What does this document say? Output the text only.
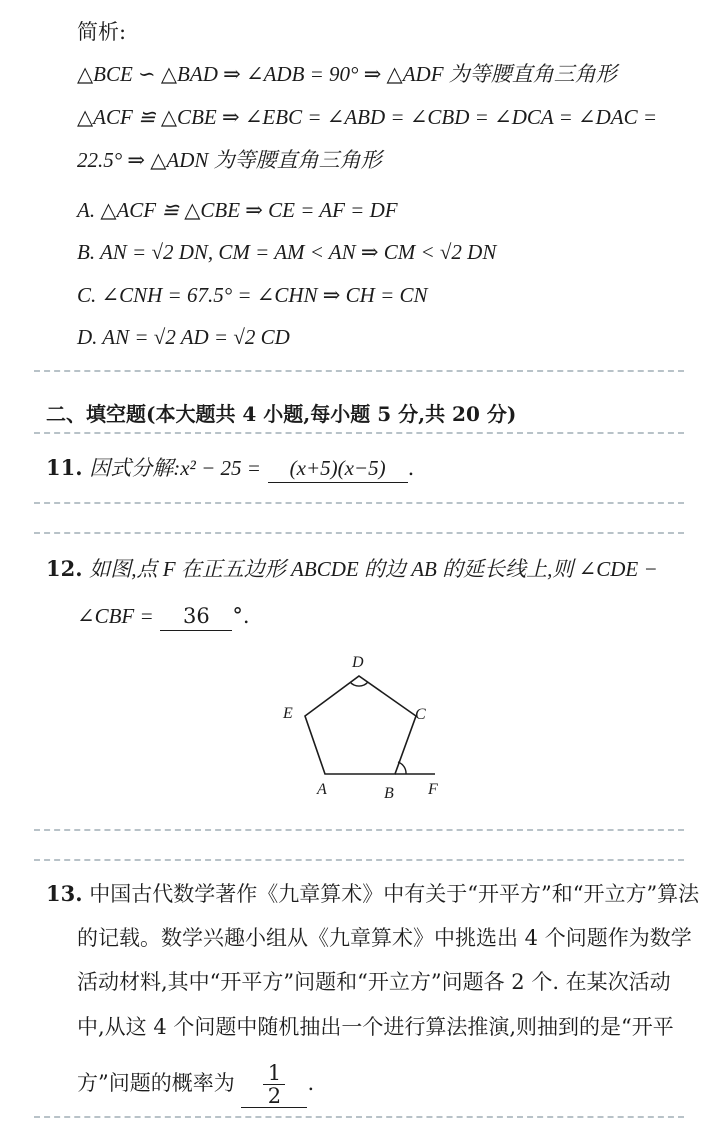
简析:
△BCE ∽ △BAD ⇒ ∠ADB = 90° ⇒ △ADF 为等腰直角三角形
△ACF ≌ △CBE ⇒ ∠EBC = ∠ABD = ∠CBD = ∠DCA = ∠DAC =
22.5° ⇒ △ADN 为等腰直角三角形
A. △ACF ≌ △CBE ⇒ CE = AF = DF
B. AN = √2 DN, CM = AM < AN ⇒ CM < √2 DN
C. ∠CNH = 67.5° = ∠CHN ⇒ CH = CN
D. AN = √2 AD = √2 CD
二、填空题(本大题共 4 小题,每小题 5 分,共 20 分)
11. 因式分解:x² − 25 = (x+5)(x−5) .
12. 如图,点 F 在正五边形 ABCDE 的边 AB 的延长线上,则 ∠CDE −
∠CBF = 36 °.
D
C
E
A	B F
13. 中国古代数学著作《九章算术》中有关于“开平方”和“开立方”算法
的记载。数学兴趣小组从《九章算术》中挑选出 4 个问题作为数学
活动材料,其中“开平方”问题和“开立方”问题各 2 个. 在某次活动
中,从这 4 个问题中随机抽出一个进行算法推演,则抽到的是“开平
方”问题的概率为 $\frac{1}{2}$ .
